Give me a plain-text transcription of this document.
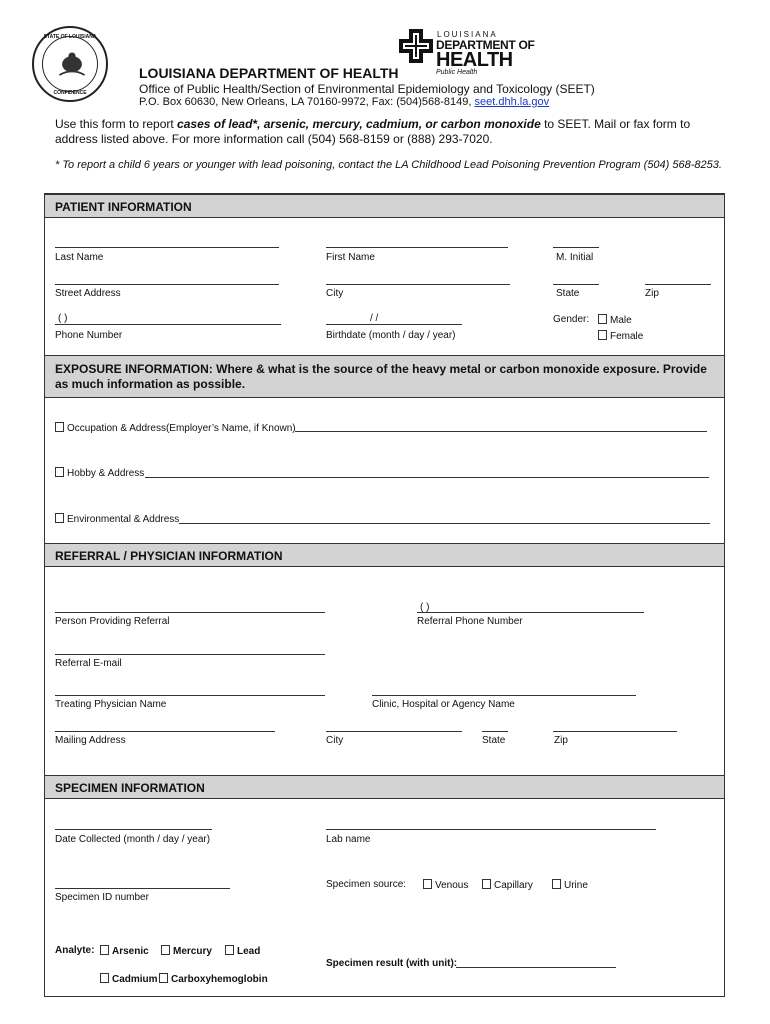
STATE OF LOUISIANA
CONFIDENCE
LOUISIANA DEPARTMENT OF HEALTH
Office of Public Health/Section of Environmental Epidemiology and Toxicology (SEET)
P.O. Box 60630, New Orleans, LA 70160-9972, Fax: (504)568-8149, seet.dhh.la.gov
LOUISIANA
DEPARTMENT OF
HEALTH
Public Health
Use this form to report cases of lead*, arsenic, mercury, cadmium, or carbon monoxide to SEET. Mail or fax form to address listed above. For more information call (504) 568-8159 or (888) 293-7020.
* To report a child 6 years or younger with lead poisoning, contact the LA Childhood Lead Poisoning Prevention Program (504) 568-8253.
PATIENT INFORMATION
Last Name	First Name	M. Initial
Street Address	City	State	Zip
( )
Phone Number
/ /
Birthdate (month / day / year)
Gender:	Male
Female
EXPOSURE INFORMATION: Where & what is the source of the heavy metal or carbon monoxide exposure. Provide as much information as possible.
Occupation & Address(Employer’s Name, if Known)
Hobby & Address
Environmental & Address
REFERRAL / PHYSICIAN INFORMATION
Person Providing Referral
( )
Referral Phone Number
Referral E-mail
Treating Physician Name	Clinic, Hospital or Agency Name
Mailing Address	City	State	Zip
SPECIMEN INFORMATION
Date Collected (month / day / year)	Lab name
Specimen ID number
Specimen source:	Venous	Capillary	Urine
Analyte:	Arsenic	Mercury	Lead
Cadmium	Carboxyhemoglobin
Specimen result (with unit):
